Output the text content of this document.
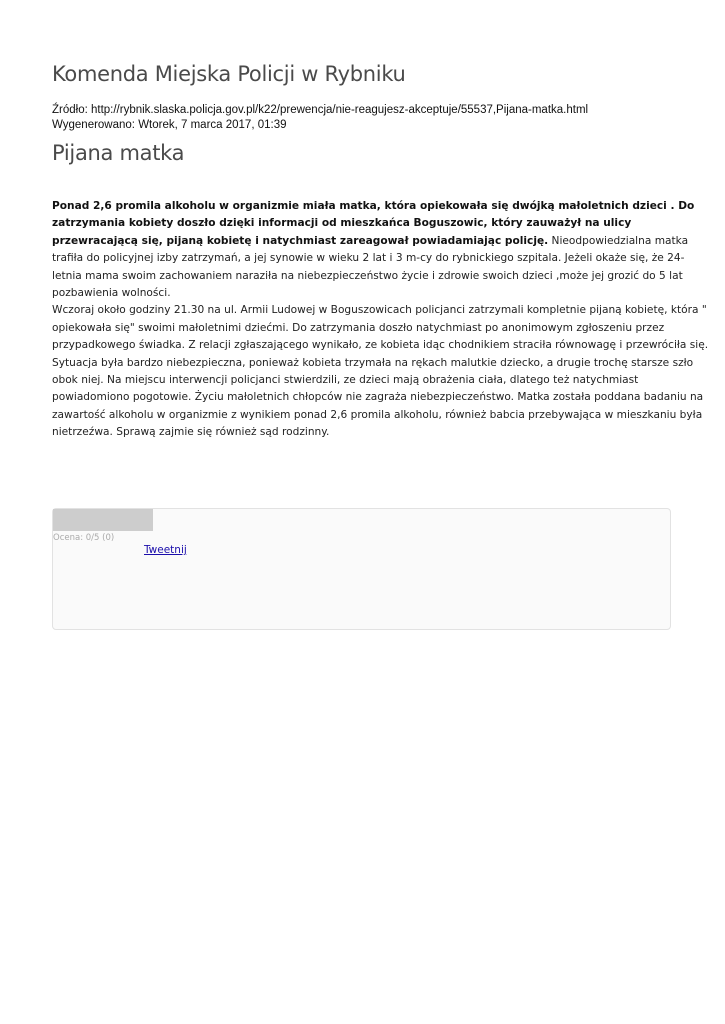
Komenda Miejska Policji w Rybniku
Źródło: http://rybnik.slaska.policja.gov.pl/k22/prewencja/nie-reagujesz-akceptuje/55537,Pijana-matka.html
Wygenerowano: Wtorek, 7 marca 2017, 01:39
Pijana matka
Ponad 2,6 promila alkoholu w organizmie miała matka, która opiekowała się dwójką małoletnich dzieci . Do
zatrzymania kobiety doszło dzięki informacji od mieszkańca Boguszowic, który zauważył na ulicy
przewracającą się, pijaną kobietę i natychmiast zareagował powiadamiając policję. Nieodpowiedzialna matka
trafiła do policyjnej izby zatrzymań, a jej synowie w wieku 2 lat i 3 m-cy do rybnickiego szpitala. Jeżeli okaże się, że 24-
letnia mama swoim zachowaniem naraziła na niebezpieczeństwo życie i zdrowie swoich dzieci ,może jej grozić do 5 lat
pozbawienia wolności.
Wczoraj około godziny 21.30 na ul. Armii Ludowej w Boguszowicach policjanci zatrzymali kompletnie pijaną kobietę, która "
opiekowała się" swoimi małoletnimi dziećmi. Do zatrzymania doszło natychmiast po anonimowym zgłoszeniu przez
przypadkowego świadka. Z relacji zgłaszającego wynikało, ze kobieta idąc chodnikiem straciła równowagę i przewróciła się.
Sytuacja była bardzo niebezpieczna, ponieważ kobieta trzymała na rękach malutkie dziecko, a drugie trochę starsze szło
obok niej. Na miejscu interwencji policjanci stwierdzili, ze dzieci mają obrażenia ciała, dlatego też natychmiast
powiadomiono pogotowie. Życiu małoletnich chłopców nie zagraża niebezpieczeństwo. Matka została poddana badaniu na
zawartość alkoholu w organizmie z wynikiem ponad 2,6 promila alkoholu, również babcia przebywająca w mieszkaniu była
nietrzeźwa. Sprawą zajmie się również sąd rodzinny.
Ocena: 0/5 (0)
Tweetnij
